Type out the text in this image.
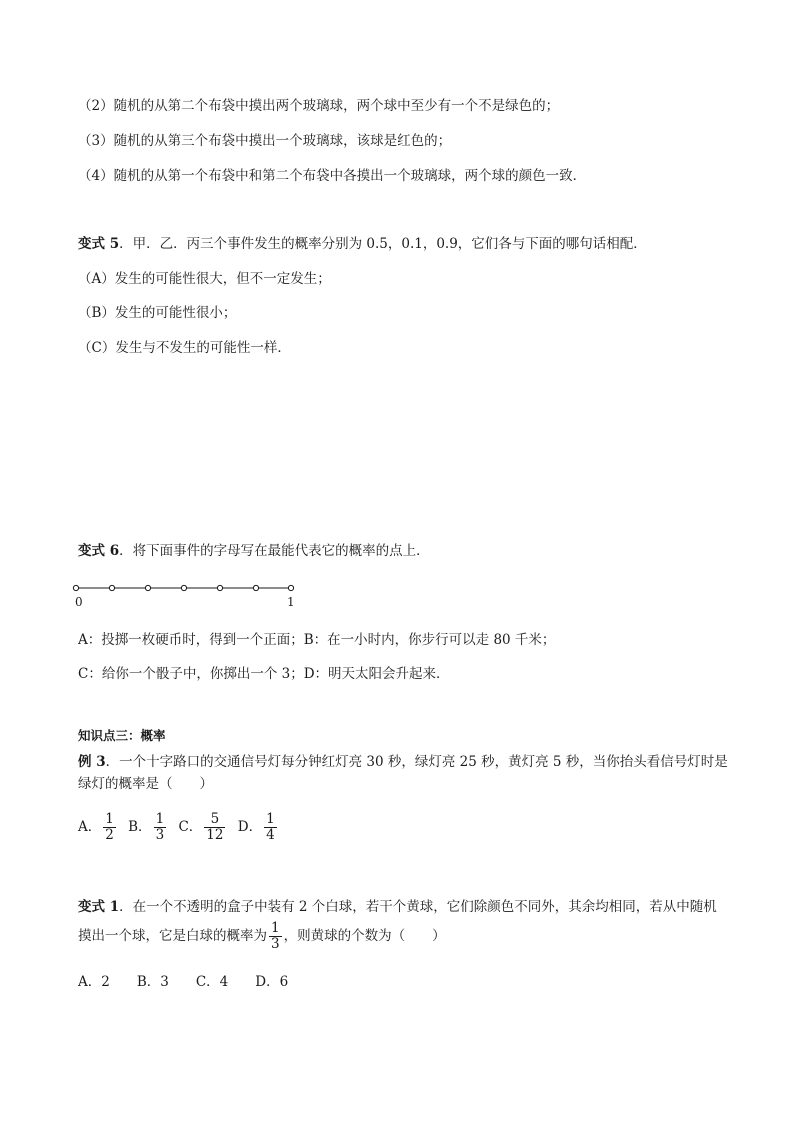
（2）随机的从第二个布袋中摸出两个玻璃球，两个球中至少有一个不是绿色的；
（3）随机的从第三个布袋中摸出一个玻璃球，该球是红色的；
（4）随机的从第一个布袋中和第二个布袋中各摸出一个玻璃球，两个球的颜色一致．
变式 5．甲．乙．丙三个事件发生的概率分别为 0.5，0.1，0.9，它们各与下面的哪句话相配．
（A）发生的可能性很大，但不一定发生；
（B）发生的可能性很小；
（C）发生与不发生的可能性一样．
变式 6．将下面事件的字母写在最能代表它的概率的点上．
0	1
A：投掷一枚硬币时，得到一个正面；B：在一小时内，你步行可以走 80 千米；
C：给你一个骰子中，你掷出一个 3；D：明天太阳会升起来．
知识点三：概率
例 3．一个十字路口的交通信号灯每分钟红灯亮 30 秒，绿灯亮 25 秒，黄灯亮 5 秒，当你抬头看信号灯时是
绿灯的概率是（　　）
A． $\frac{1}{2}$ B． $\frac{1}{3}$ C． $\frac{5}{12}$ D． $\frac{1}{4}$
变式 1．在一个不透明的盒子中装有 2 个白球，若干个黄球，它们除颜色不同外，其余均相同，若从中随机
摸出一个球，它是白球的概率为 $\frac{1}{3}$ ，则黄球的个数为（　　）
A．2　　B．3　　C．4　　D．6
